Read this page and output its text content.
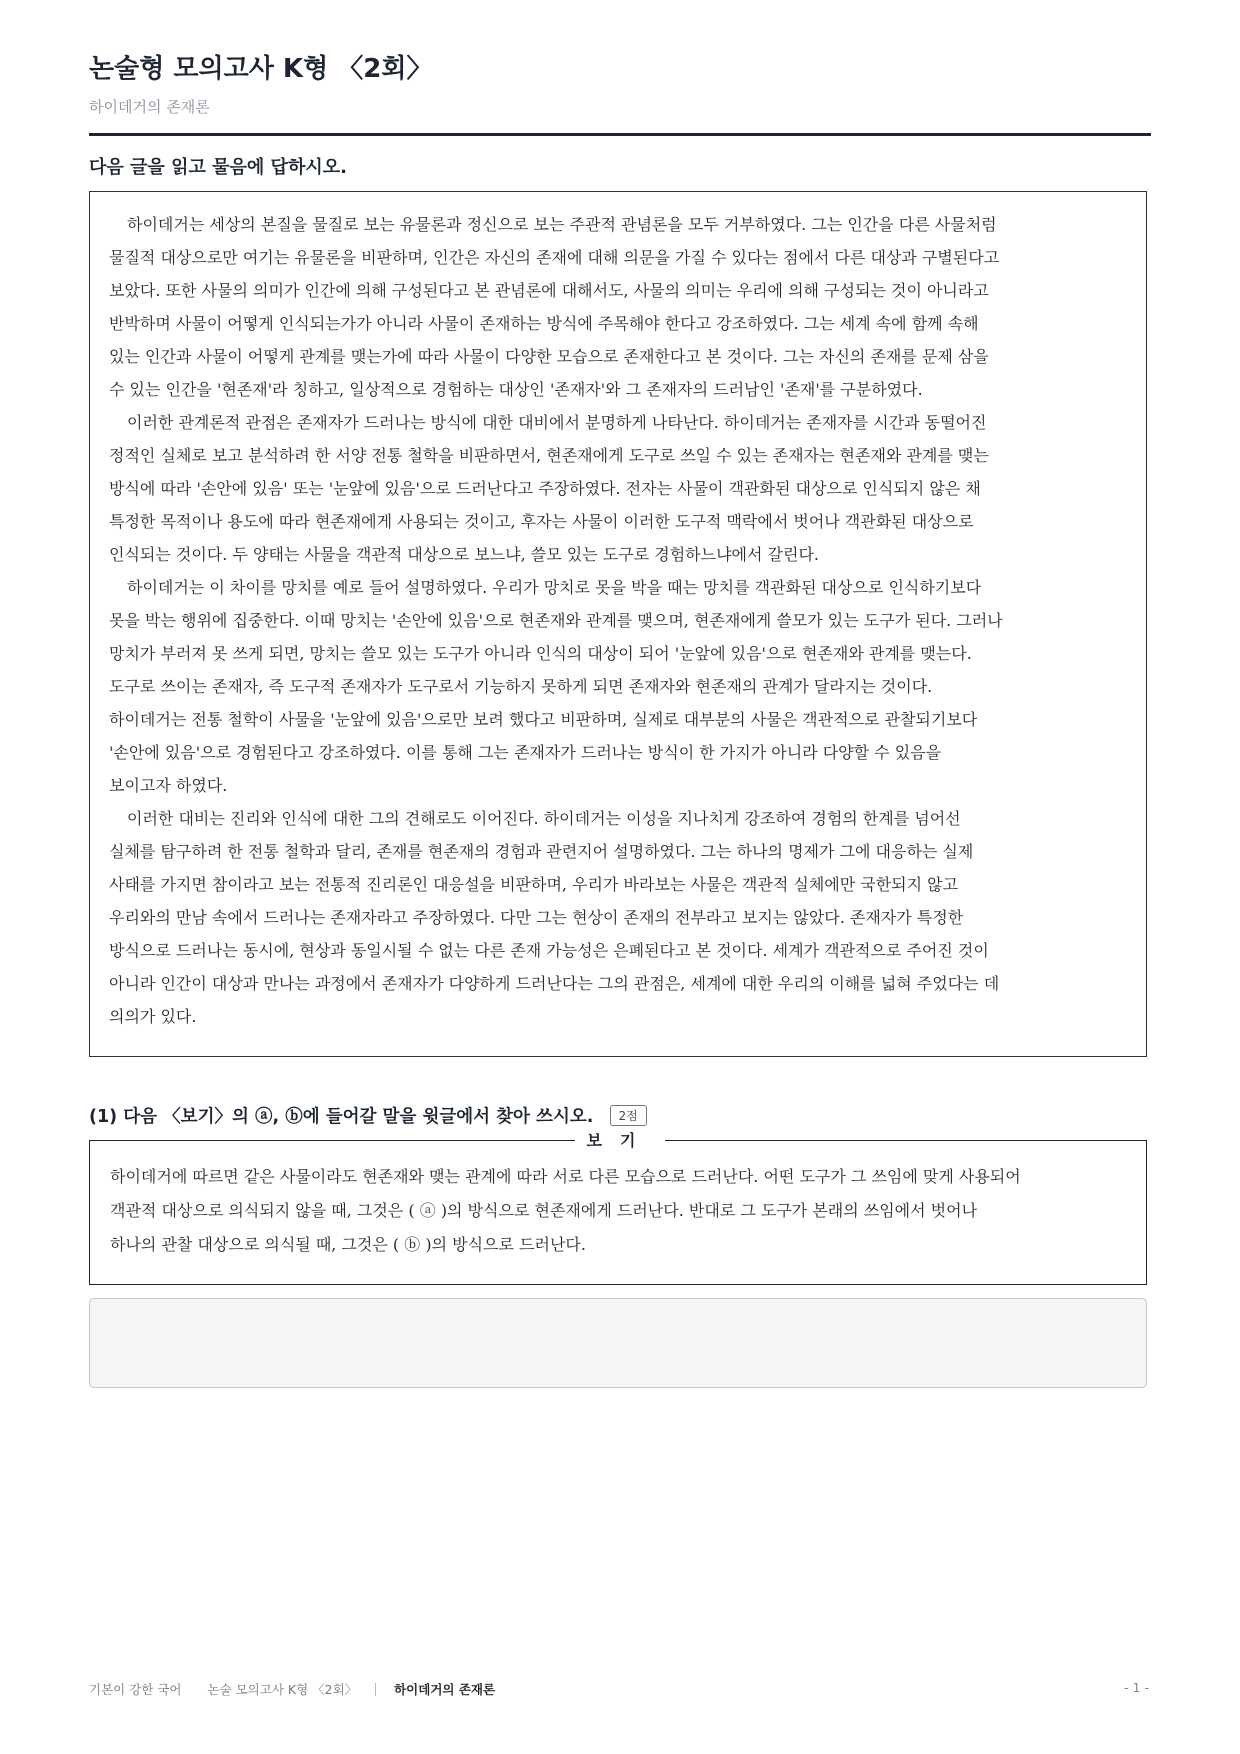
논술형 모의고사 K형 〈2회〉
하이데거의 존재론
다음 글을 읽고 물음에 답하시오.

하이데거는 세상의 본질을 물질로 보는 유물론과 정신으로 보는 주관적 관념론을 모두 거부하였다. 그는 인간을 다른 사물처럼
물질적 대상으로만 여기는 유물론을 비판하며, 인간은 자신의 존재에 대해 의문을 가질 수 있다는 점에서 다른 대상과 구별된다고
보았다. 또한 사물의 의미가 인간에 의해 구성된다고 본 관념론에 대해서도, 사물의 의미는 우리에 의해 구성되는 것이 아니라고
반박하며 사물이 어떻게 인식되는가가 아니라 사물이 존재하는 방식에 주목해야 한다고 강조하였다. 그는 세계 속에 함께 속해
있는 인간과 사물이 어떻게 관계를 맺는가에 따라 사물이 다양한 모습으로 존재한다고 본 것이다. 그는 자신의 존재를 문제 삼을
수 있는 인간을 '현존재'라 칭하고, 일상적으로 경험하는 대상인 '존재자'와 그 존재자의 드러남인 '존재'를 구분하였다.

이러한 관계론적 관점은 존재자가 드러나는 방식에 대한 대비에서 분명하게 나타난다. 하이데거는 존재자를 시간과 동떨어진
정적인 실체로 보고 분석하려 한 서양 전통 철학을 비판하면서, 현존재에게 도구로 쓰일 수 있는 존재자는 현존재와 관계를 맺는
방식에 따라 '손안에 있음' 또는 '눈앞에 있음'으로 드러난다고 주장하였다. 전자는 사물이 객관화된 대상으로 인식되지 않은 채
특정한 목적이나 용도에 따라 현존재에게 사용되는 것이고, 후자는 사물이 이러한 도구적 맥락에서 벗어나 객관화된 대상으로
인식되는 것이다. 두 양태는 사물을 객관적 대상으로 보느냐, 쓸모 있는 도구로 경험하느냐에서 갈린다.

하이데거는 이 차이를 망치를 예로 들어 설명하였다. 우리가 망치로 못을 박을 때는 망치를 객관화된 대상으로 인식하기보다
못을 박는 행위에 집중한다. 이때 망치는 '손안에 있음'으로 현존재와 관계를 맺으며, 현존재에게 쓸모가 있는 도구가 된다. 그러나
망치가 부러져 못 쓰게 되면, 망치는 쓸모 있는 도구가 아니라 인식의 대상이 되어 '눈앞에 있음'으로 현존재와 관계를 맺는다.
도구로 쓰이는 존재자, 즉 도구적 존재자가 도구로서 기능하지 못하게 되면 존재자와 현존재의 관계가 달라지는 것이다.
하이데거는 전통 철학이 사물을 '눈앞에 있음'으로만 보려 했다고 비판하며, 실제로 대부분의 사물은 객관적으로 관찰되기보다
'손안에 있음'으로 경험된다고 강조하였다. 이를 통해 그는 존재자가 드러나는 방식이 한 가지가 아니라 다양할 수 있음을
보이고자 하였다.

이러한 대비는 진리와 인식에 대한 그의 견해로도 이어진다. 하이데거는 이성을 지나치게 강조하여 경험의 한계를 넘어선
실체를 탐구하려 한 전통 철학과 달리, 존재를 현존재의 경험과 관련지어 설명하였다. 그는 하나의 명제가 그에 대응하는 실제
사태를 가지면 참이라고 보는 전통적 진리론인 대응설을 비판하며, 우리가 바라보는 사물은 객관적 실체에만 국한되지 않고
우리와의 만남 속에서 드러나는 존재자라고 주장하였다. 다만 그는 현상이 존재의 전부라고 보지는 않았다. 존재자가 특정한
방식으로 드러나는 동시에, 현상과 동일시될 수 없는 다른 존재 가능성은 은폐된다고 본 것이다. 세계가 객관적으로 주어진 것이
아니라 인간이 대상과 만나는 과정에서 존재자가 다양하게 드러난다는 그의 관점은, 세계에 대한 우리의 이해를 넓혀 주었다는 데
의의가 있다.

(1) 다음 〈보기〉의 ⓐ, ⓑ에 들어갈 말을 윗글에서 찾아 쓰시오. 2점

하이데거에 따르면 같은 사물이라도 현존재와 맺는 관계에 따라 서로 다른 모습으로 드러난다. 어떤 도구가 그 쓰임에 맞게 사용되어
객관적 대상으로 의식되지 않을 때, 그것은 ( ⓐ )의 방식으로 현존재에게 드러난다. 반대로 그 도구가 본래의 쓰임에서 벗어나
하나의 관찰 대상으로 의식될 때, 그것은 ( ⓑ )의 방식으로 드러난다.

보기
기본이 강한 국어 논술 모의고사 K형 〈2회〉	하이데거의 존재론	- 1 -
